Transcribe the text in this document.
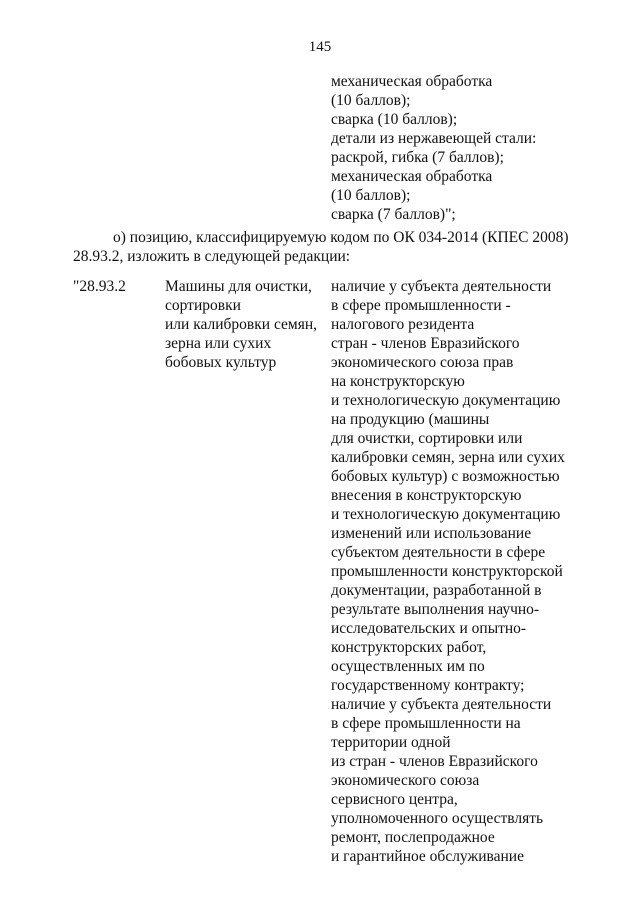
145
механическая обработка
(10 баллов);
сварка (10 баллов);
детали из нержавеющей стали:
раскрой, гибка (7 баллов);
механическая обработка
(10 баллов);
сварка (7 баллов)";
о) позицию, классифицируемую кодом по ОК 034-2014 (КПЕС 2008)
28.93.2, изложить в следующей редакции:
"28.93.2	Машины для очистки,
сортировки
или калибровки семян,
зерна или сухих
бобовых культур
наличие у субъекта деятельности
в сфере промышленности -
налогового резидента
стран - членов Евразийского
экономического союза прав
на конструкторскую
и технологическую документацию
на продукцию (машины
для очистки, сортировки или
калибровки семян, зерна или сухих
бобовых культур) с возможностью
внесения в конструкторскую
и технологическую документацию
изменений или использование
субъектом деятельности в сфере
промышленности конструкторской
документации, разработанной в
результате выполнения научно-
исследовательских и опытно-
конструкторских работ,
осуществленных им по
государственному контракту;
наличие у субъекта деятельности
в сфере промышленности на
территории одной
из стран - членов Евразийского
экономического союза
сервисного центра,
уполномоченного осуществлять
ремонт, послепродажное
и гарантийное обслуживание
